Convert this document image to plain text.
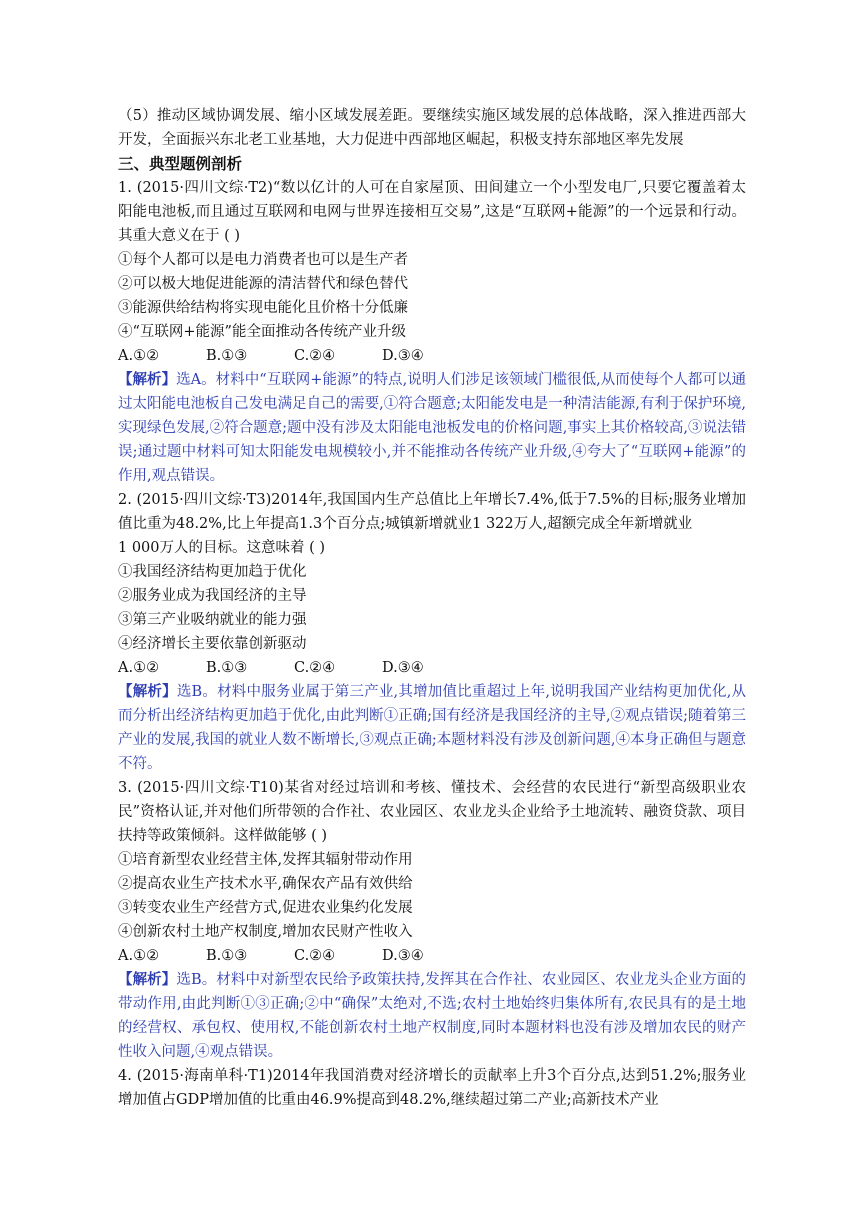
（5）推动区域协调发展、缩小区域发展差距。要继续实施区域发展的总体战略，深入推进西部大开发，全面振兴东北老工业基地，大力促进中西部地区崛起，积极支持东部地区率先发展
三、典型题例剖析
1. (2015·四川文综·T2)“数以亿计的人可在自家屋顶、田间建立一个小型发电厂,只要它覆盖着太阳能电池板,而且通过互联网和电网与世界连接相互交易”,这是“互联网+能源”的一个远景和行动。其重大意义在于 ( )
①每个人都可以是电力消费者也可以是生产者
②可以极大地促进能源的清洁替代和绿色替代
③能源供给结构将实现电能化且价格十分低廉
④“互联网+能源”能全面推动各传统产业升级
A.①②	B.①③	C.②④	D.③④
【解析】选A。材料中“互联网+能源”的特点,说明人们涉足该领域门槛很低,从而使每个人都可以通过太阳能电池板自己发电满足自己的需要,①符合题意;太阳能发电是一种清洁能源,有利于保护环境,实现绿色发展,②符合题意;题中没有涉及太阳能电池板发电的价格问题,事实上其价格较高,③说法错误;通过题中材料可知太阳能发电规模较小,并不能推动各传统产业升级,④夸大了“互联网+能源”的作用,观点错误。
2. (2015·四川文综·T3)2014年,我国国内生产总值比上年增长7.4%,低于7.5%的目标;服务业增加值比重为48.2%,比上年提高1.3个百分点;城镇新增就业1 322万人,超额完成全年新增就业
1 000万人的目标。这意味着 ( )
①我国经济结构更加趋于优化
②服务业成为我国经济的主导
③第三产业吸纳就业的能力强
④经济增长主要依靠创新驱动
A.①②	B.①③	C.②④	D.③④
【解析】选B。材料中服务业属于第三产业,其增加值比重超过上年,说明我国产业结构更加优化,从而分析出经济结构更加趋于优化,由此判断①正确;国有经济是我国经济的主导,②观点错误;随着第三产业的发展,我国的就业人数不断增长,③观点正确;本题材料没有涉及创新问题,④本身正确但与题意不符。
3. (2015·四川文综·T10)某省对经过培训和考核、懂技术、会经营的农民进行“新型高级职业农民”资格认证,并对他们所带领的合作社、农业园区、农业龙头企业给予土地流转、融资贷款、项目扶持等政策倾斜。这样做能够 ( )
①培育新型农业经营主体,发挥其辐射带动作用
②提高农业生产技术水平,确保农产品有效供给
③转变农业生产经营方式,促进农业集约化发展
④创新农村土地产权制度,增加农民财产性收入
A.①②	B.①③	C.②④	D.③④
【解析】选B。材料中对新型农民给予政策扶持,发挥其在合作社、农业园区、农业龙头企业方面的带动作用,由此判断①③正确;②中“确保”太绝对,不选;农村土地始终归集体所有,农民具有的是土地的经营权、承包权、使用权,不能创新农村土地产权制度,同时本题材料也没有涉及增加农民的财产性收入问题,④观点错误。
4. (2015·海南单科·T1)2014年我国消费对经济增长的贡献率上升3个百分点,达到51.2%;服务业增加值占GDP增加值的比重由46.9%提高到48.2%,继续超过第二产业;高新技术产业
